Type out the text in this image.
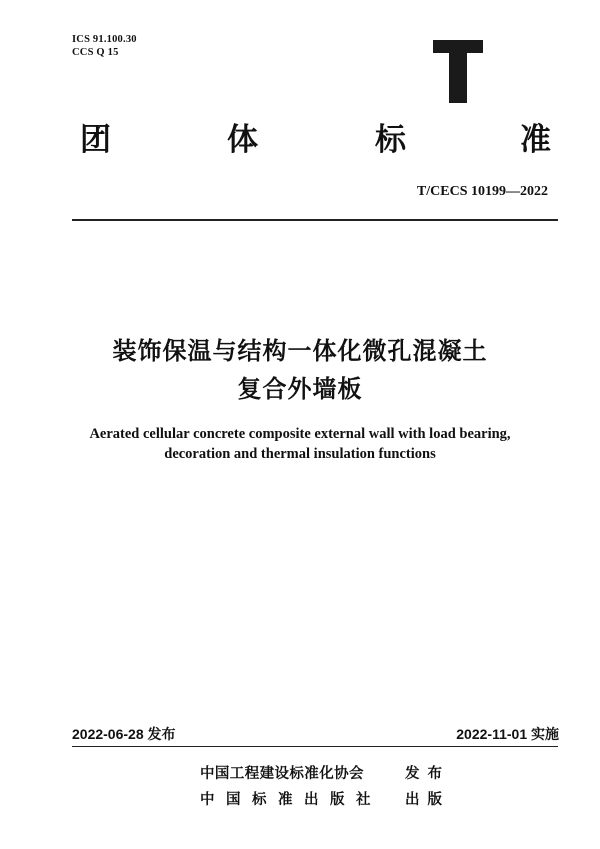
ICS 91.100.30
CCS Q 15
团	体	标	准
T/CECS 10199—2022
装饰保温与结构一体化微孔混凝土
复合外墙板
Aerated cellular concrete composite external wall with load bearing,
decoration and thermal insulation functions
2022-06-28 发布	2022-11-01 实施
中国工程建设标准化协会	发布
中国标准出版社 出版
